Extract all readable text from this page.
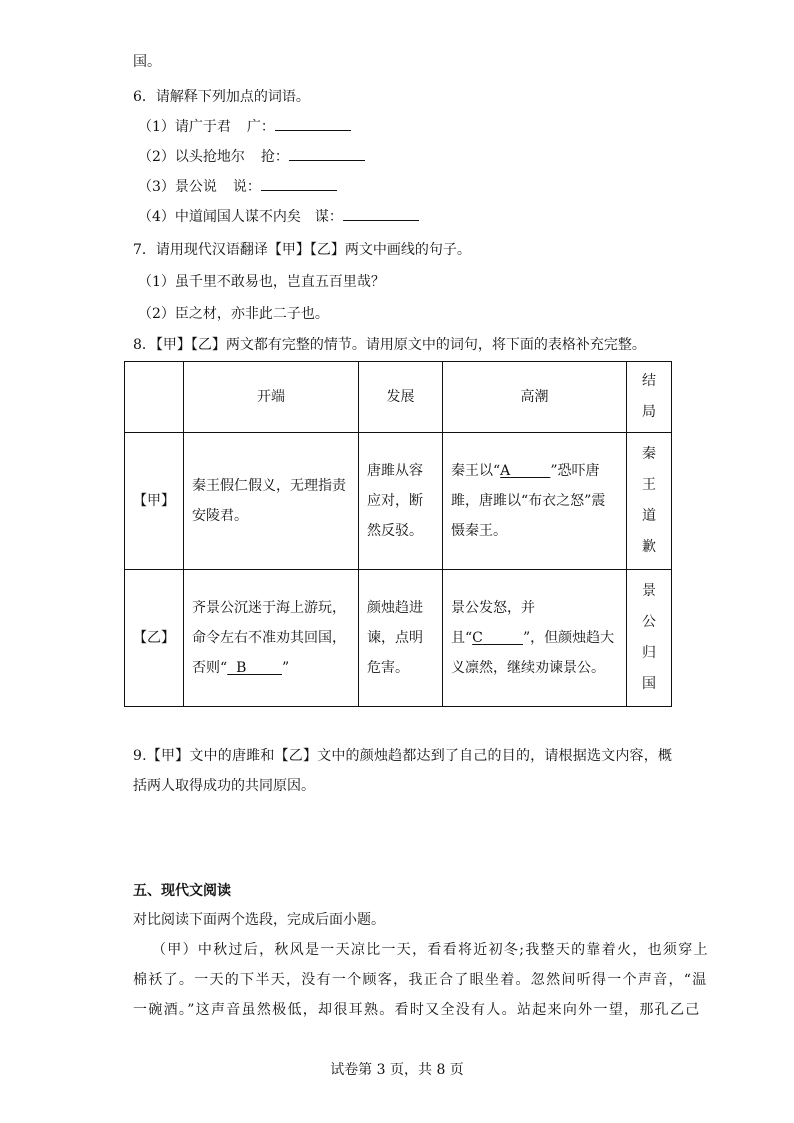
国。
6．请解释下列加点的词语。
（1）请广于君 广：
（2）以头抢地尔 抢：
（3）景公说 说：
（4）中道闻国人谋不内矣 谋：
7．请用现代汉语翻译【甲】【乙】两文中画线的句子。
（1）虽千里不敢易也，岂直五百里哉？
（2）臣之材，亦非此二子也。
8．【甲】【乙】两文都有完整的情节。请用原文中的词句，将下面的表格补充完整。
	开端	发展	高潮	结局
【甲】	秦王假仁假义，无理指责安陵君。	唐雎从容应对，断然反驳。	秦王以“A ”恐吓唐雎，唐雎以“布衣之怒”震慑秦王。	秦王道歉
【乙】	齐景公沉迷于海上游玩，命令左右不准劝其回国，否则“ B ”	颜烛趋进谏，点明危害。	景公发怒，并且“C ”，但颜烛趋大义凛然，继续劝谏景公。	景公归国
9.【甲】文中的唐雎和【乙】文中的颜烛趋都达到了自己的目的，请根据选文内容，概
括两人取得成功的共同原因。
五、现代文阅读
对比阅读下面两个选段，完成后面小题。
（甲）中秋过后，秋风是一天凉比一天，看看将近初冬;我整天的靠着火，也须穿上
棉袄了。一天的下半天，没有一个顾客，我正合了眼坐着。忽然间听得一个声音，“温
一碗酒。”这声音虽然极低，却很耳熟。看时又全没有人。站起来向外一望，那孔乙己
试卷第 3 页，共 8 页
